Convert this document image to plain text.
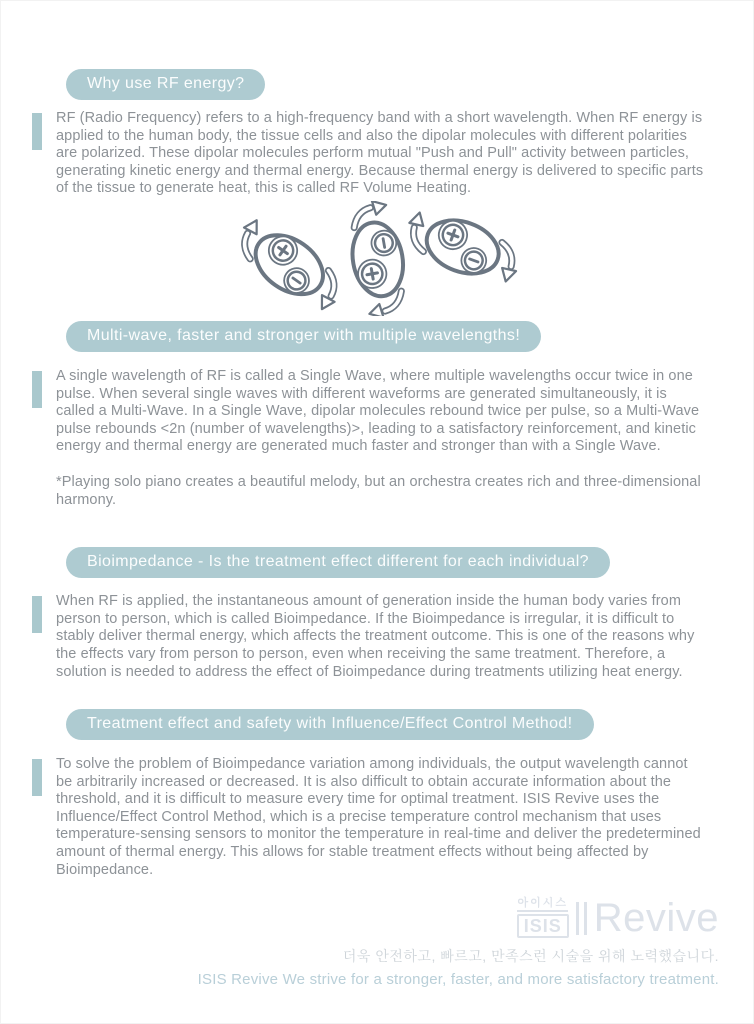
Why use RF energy?

RF (Radio Frequency) refers to a high-frequency band with a short wavelength. When RF energy is applied to the human body, the tissue cells and also the dipolar molecules with different polarities are polarized. These dipolar molecules perform mutual "Push and Pull" activity between particles, generating kinetic energy and thermal energy. Because thermal energy is delivered to specific parts of the tissue to generate heat, this is called RF Volume Heating.

Multi-wave, faster and stronger with multiple wavelengths!

A single wavelength of RF is called a Single Wave, where multiple wavelengths occur twice in one pulse. When several single waves with different waveforms are generated simultaneously, it is called a Multi-Wave. In a Single Wave, dipolar molecules rebound twice per pulse, so a Multi-Wave pulse rebounds <2n (number of wavelengths)>, leading to a satisfactory reinforcement, and kinetic energy and thermal energy are generated much faster and stronger than with a Single Wave.

*Playing solo piano creates a beautiful melody, but an orchestra creates rich and three-dimensional harmony.

Bioimpedance - Is the treatment effect different for each individual?

When RF is applied, the instantaneous amount of generation inside the human body varies from person to person, which is called Bioimpedance. If the Bioimpedance is irregular, it is difficult to stably deliver thermal energy, which affects the treatment outcome. This is one of the reasons why the effects vary from person to person, even when receiving the same treatment. Therefore, a solution is needed to address the effect of Bioimpedance during treatments utilizing heat energy.

Treatment effect and safety with Influence/Effect Control Method!

To solve the problem of Bioimpedance variation among individuals, the output wavelength cannot be arbitrarily increased or decreased. It is also difficult to obtain accurate information about the threshold, and it is difficult to measure every time for optimal treatment. ISIS Revive uses the Influence/Effect Control Method, which is a precise temperature control mechanism that uses temperature-sensing sensors to monitor the temperature in real-time and deliver the predetermined amount of thermal energy. This allows for stable treatment effects without being affected by Bioimpedance.

아이시스
ISIS Revive
더욱 안전하고, 빠르고, 만족스런 시술을 위해 노력했습니다.
ISIS Revive We strive for a stronger, faster, and more satisfactory treatment.
